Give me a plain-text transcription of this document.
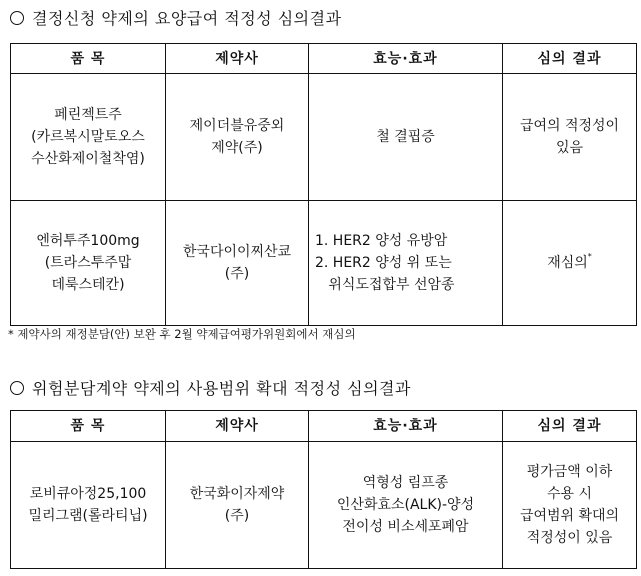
결정신청 약제의 요양급여 적정성 심의결과
품 목	제약사	효능·효과	심의 결과

페린젝트주
(카르복시말토오스
수산화제이철착염)	제이더블유중외
제약(주)	철 결핍증	급여의 적정성이
있음

엔허투주100mg
(트라스투주맙
데룩스테칸)	한국다이이찌산쿄
(주)	1. HER2 양성 유방암
2. HER2 양성 위 또는
위식도접합부 선암종	재심의*
* 제약사의 재정분담(안) 보완 후 2월 약제급여평가위원회에서 재심의
위험분담계약 약제의 사용범위 확대 적정성 심의결과
품 목	제약사	효능·효과	심의 결과

로비큐아정25,100
밀리그램(롤라티닙)	한국화이자제약
(주)	역형성 림프종
인산화효소(ALK)-양성
전이성 비소세포폐암	평가금액 이하
수용 시
급여범위 확대의
적정성이 있음
